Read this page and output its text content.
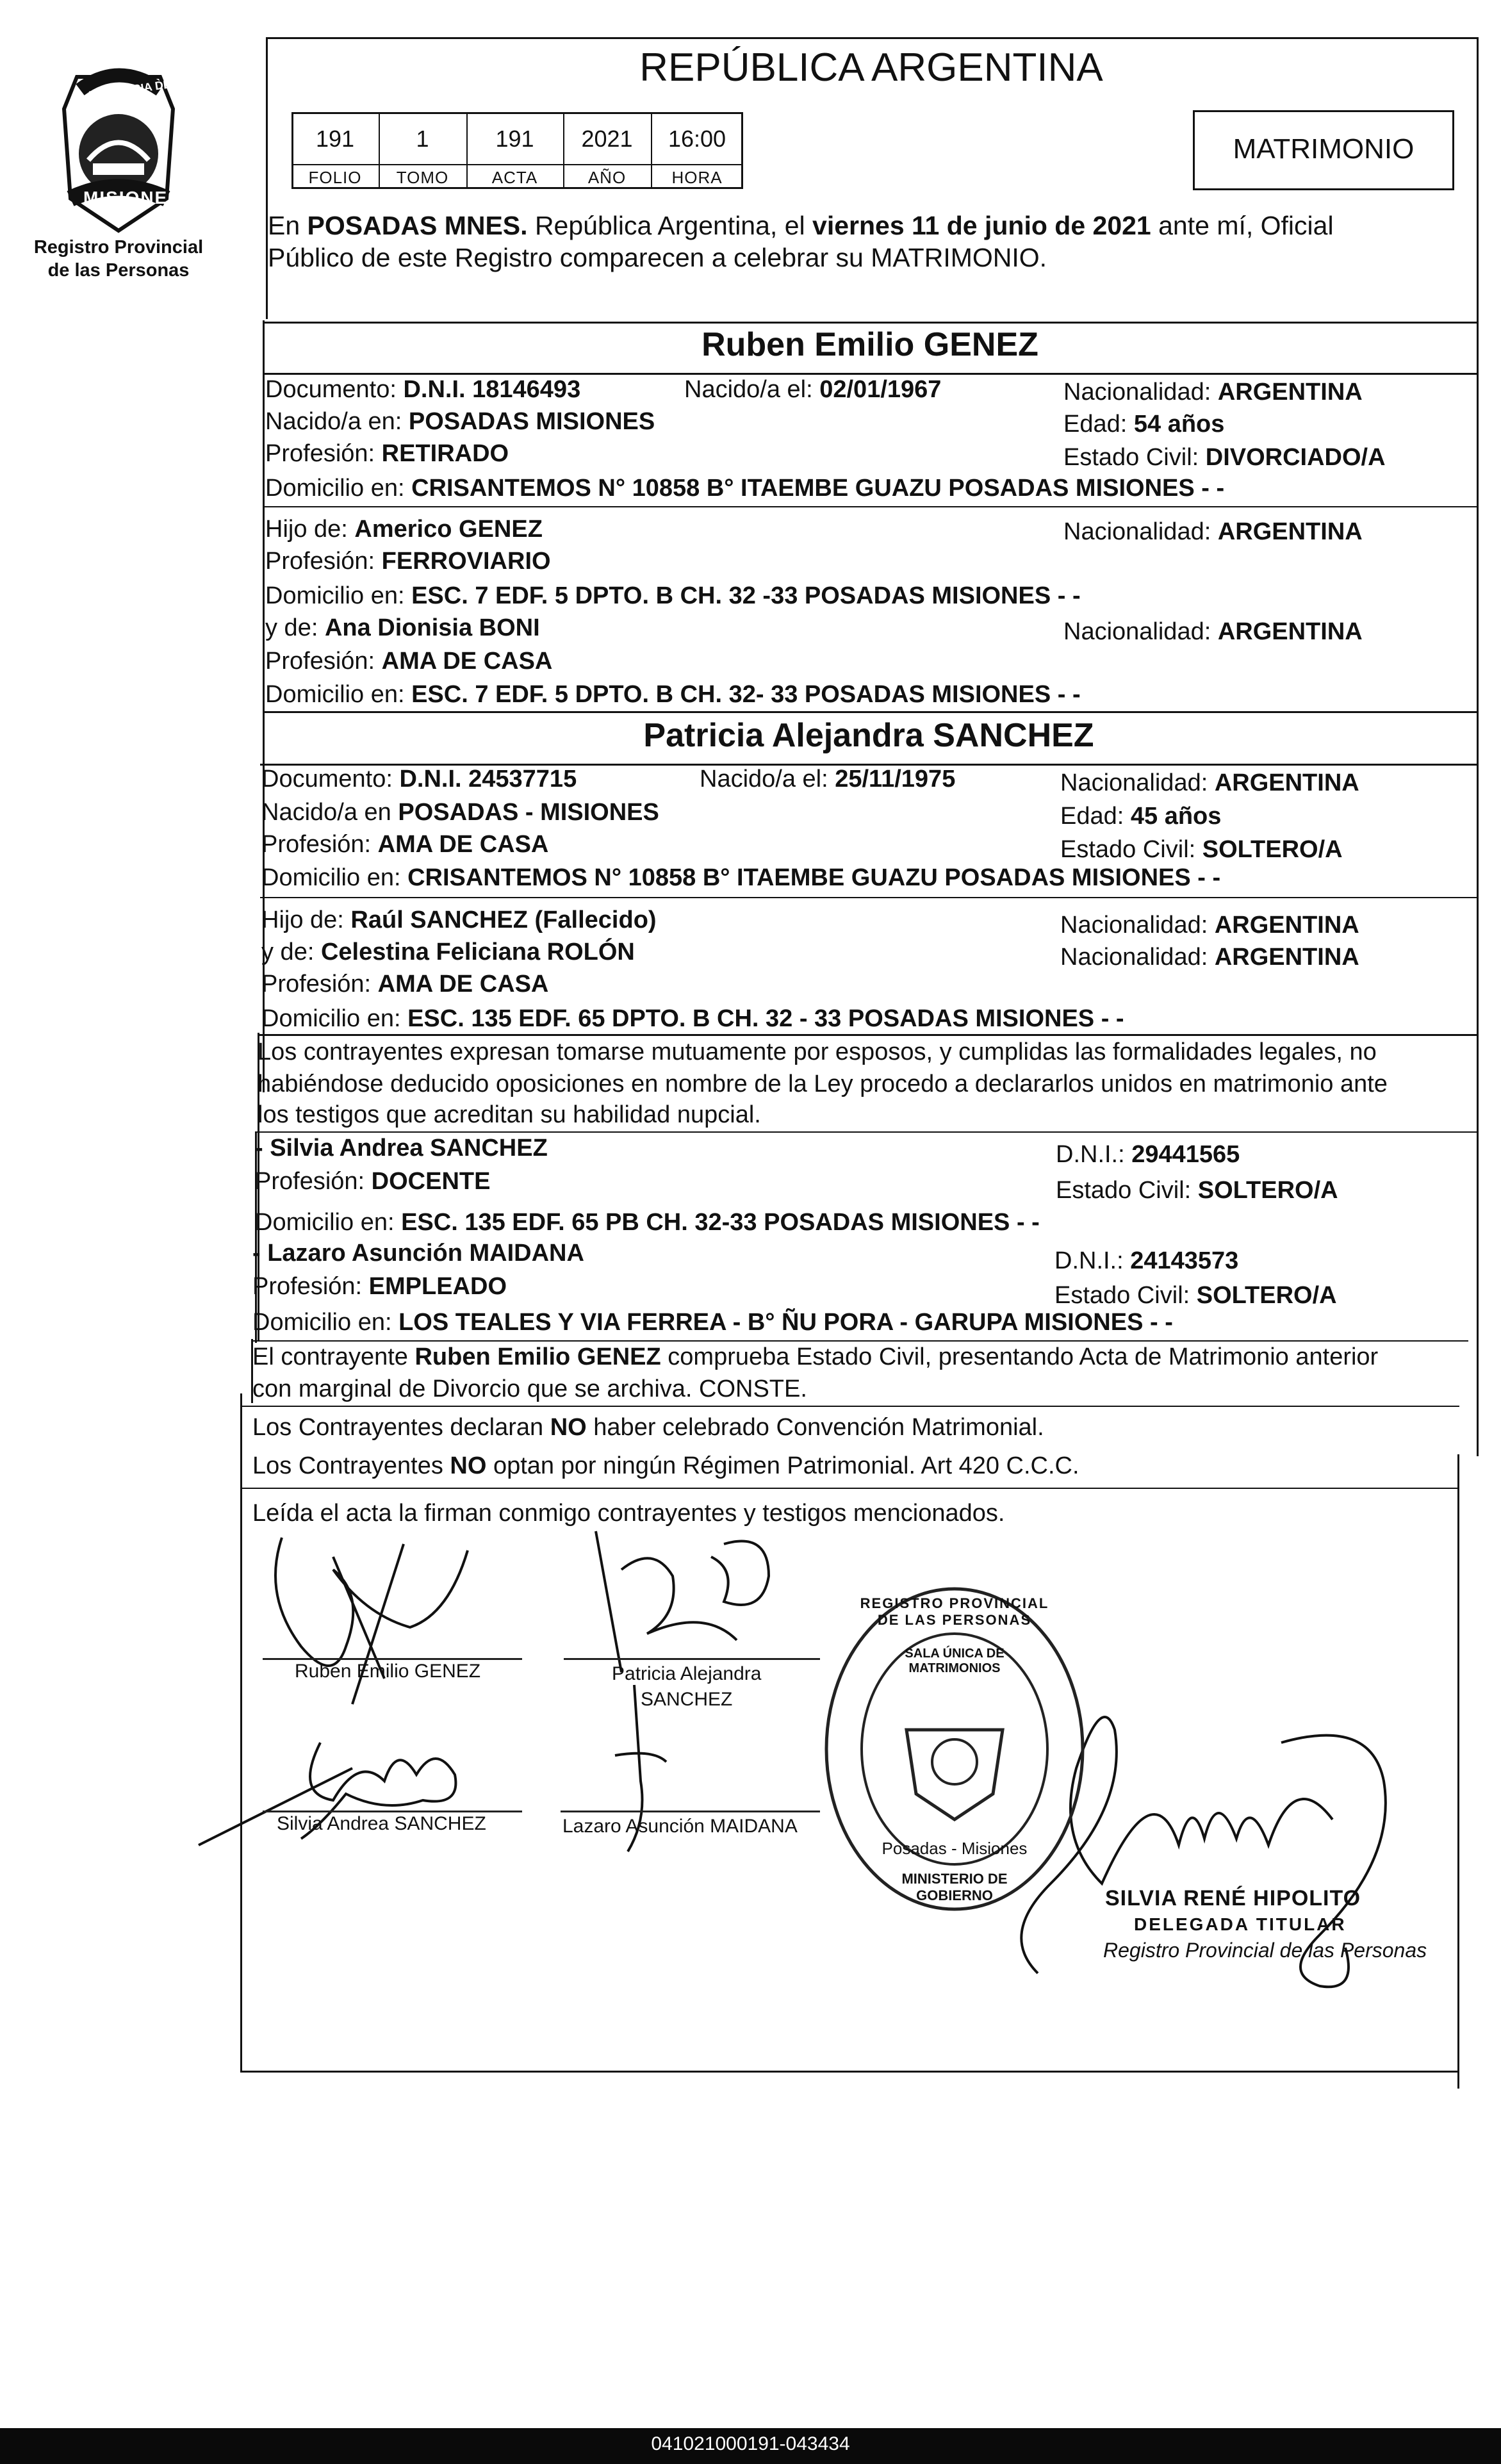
PROVINCIA DE
MISIONES
Registro Provincial
de las Personas
REPÚBLICA ARGENTINA
191	1	191	2021	16:00
FOLIO	TOMO	ACTA	AÑO	HORA
MATRIMONIO
En POSADAS MNES. República Argentina, el viernes 11 de junio de 2021 ante mí, Oficial
Público de este Registro comparecen a celebrar su MATRIMONIO.
Ruben Emilio GENEZ
Documento: D.N.I. 18146493	Nacido/a el: 02/01/1967	Nacionalidad: ARGENTINA
Nacido/a en: POSADAS MISIONES	Edad: 54 años
Profesión: RETIRADO	Estado Civil: DIVORCIADO/A
Domicilio en: CRISANTEMOS N° 10858 B° ITAEMBE GUAZU POSADAS MISIONES - -
Hijo de: Americo GENEZ	Nacionalidad: ARGENTINA
Profesión: FERROVIARIO
Domicilio en: ESC. 7 EDF. 5 DPTO. B CH. 32 -33 POSADAS MISIONES - -
y de: Ana Dionisia BONI	Nacionalidad: ARGENTINA
Profesión: AMA DE CASA
Domicilio en: ESC. 7 EDF. 5 DPTO. B CH. 32- 33 POSADAS MISIONES - -
Patricia Alejandra SANCHEZ
Documento: D.N.I. 24537715	Nacido/a el: 25/11/1975	Nacionalidad: ARGENTINA
Nacido/a en POSADAS - MISIONES	Edad: 45 años
Profesión: AMA DE CASA	Estado Civil: SOLTERO/A
Domicilio en: CRISANTEMOS N° 10858 B° ITAEMBE GUAZU POSADAS MISIONES - -
Hijo de: Raúl SANCHEZ (Fallecido)	Nacionalidad: ARGENTINA
y de: Celestina Feliciana ROLÓN	Nacionalidad: ARGENTINA
Profesión: AMA DE CASA
Domicilio en: ESC. 135 EDF. 65 DPTO. B CH. 32 - 33 POSADAS MISIONES - -
Los contrayentes expresan tomarse mutuamente por esposos, y cumplidas las formalidades legales, no
habiéndose deducido oposiciones en nombre de la Ley procedo a declararlos unidos en matrimonio ante
los testigos que acreditan su habilidad nupcial.
- Silvia Andrea SANCHEZ	D.N.I.: 29441565
Profesión: DOCENTE	Estado Civil: SOLTERO/A
Domicilio en: ESC. 135 EDF. 65 PB CH. 32-33 POSADAS MISIONES - -
- Lazaro Asunción MAIDANA	D.N.I.: 24143573
Profesión: EMPLEADO	Estado Civil: SOLTERO/A
Domicilio en: LOS TEALES Y VIA FERREA - B° ÑU PORA - GARUPA MISIONES - -
El contrayente Ruben Emilio GENEZ comprueba Estado Civil, presentando Acta de Matrimonio anterior
con marginal de Divorcio que se archiva. CONSTE.
Los Contrayentes declaran NO haber celebrado Convención Matrimonial.
Los Contrayentes NO optan por ningún Régimen Patrimonial. Art 420 C.C.C.
Leída el acta la firman conmigo contrayentes y testigos mencionados.
Ruben Emilio GENEZ	Patricia Alejandra
SANCHEZ
Silvia Andrea SANCHEZ	Lazaro Asunción MAIDANA
REGISTRO PROVINCIAL DE LAS PERSONAS
SALA ÚNICA DE MATRIMONIOS
Posadas - Misiones
MINISTERIO DE GOBIERNO	SILVIA RENÉ HIPOLITO
DELEGADA TITULAR
Registro Provincial de las Personas
041021000191-043434
